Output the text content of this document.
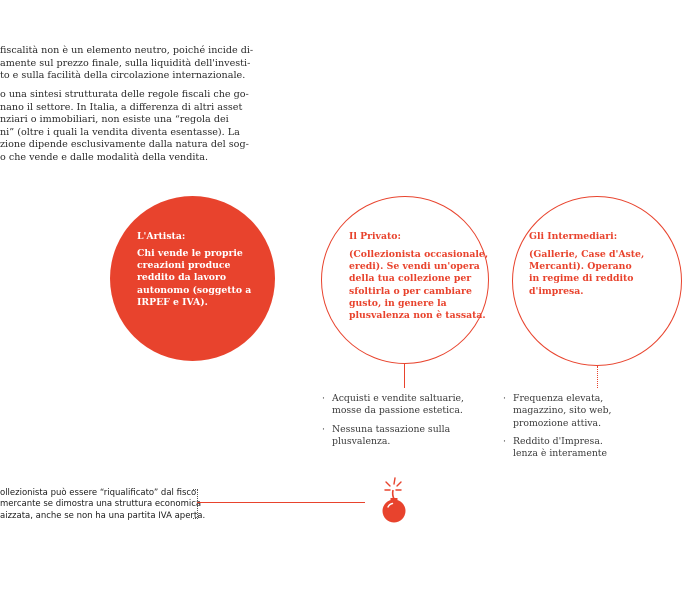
fiscalità non è un elemento neutro, poiché incide di-
amente sul prezzo finale, sulla liquidità dell'investi-
to e sulla facilità della circolazione internazionale.
o una sintesi strutturata delle regole fiscali che go-
nano il settore. In Italia, a differenza di altri asset
nziari o immobiliari, non esiste una “regola dei
ni” (oltre i quali la vendita diventa esentasse). La
zione dipende esclusivamente dalla natura del sog-
o che vende e dalle modalità della vendita.
L'Artista:
Chi vende le proprie
creazioni produce
reddito da lavoro
autonomo (soggetto a
IRPEF e IVA).
Il Privato:
(Collezionista occasionale,
eredi). Se vendi un'opera
della tua collezione per
sfoltirla o per cambiare
gusto, in genere la
plusvalenza non è tassata.
Gli Intermediari:
(Gallerie, Case d'Aste,
Mercanti). Operano
in regime di reddito
d'impresa.
· Acquisti e vendite saltuarie,
mosse da passione estetica.
· Nessuna tassazione sulla
plusvalenza.
· Frequenza elevata,
magazzino, sito web,
promozione attiva.
· Reddito d'Impresa.
lenza è interamente
ollezionista può essere “riqualificato” dal fisco
mercante se dimostra una struttura economica
aizzata, anche se non ha una partita IVA aperta.
